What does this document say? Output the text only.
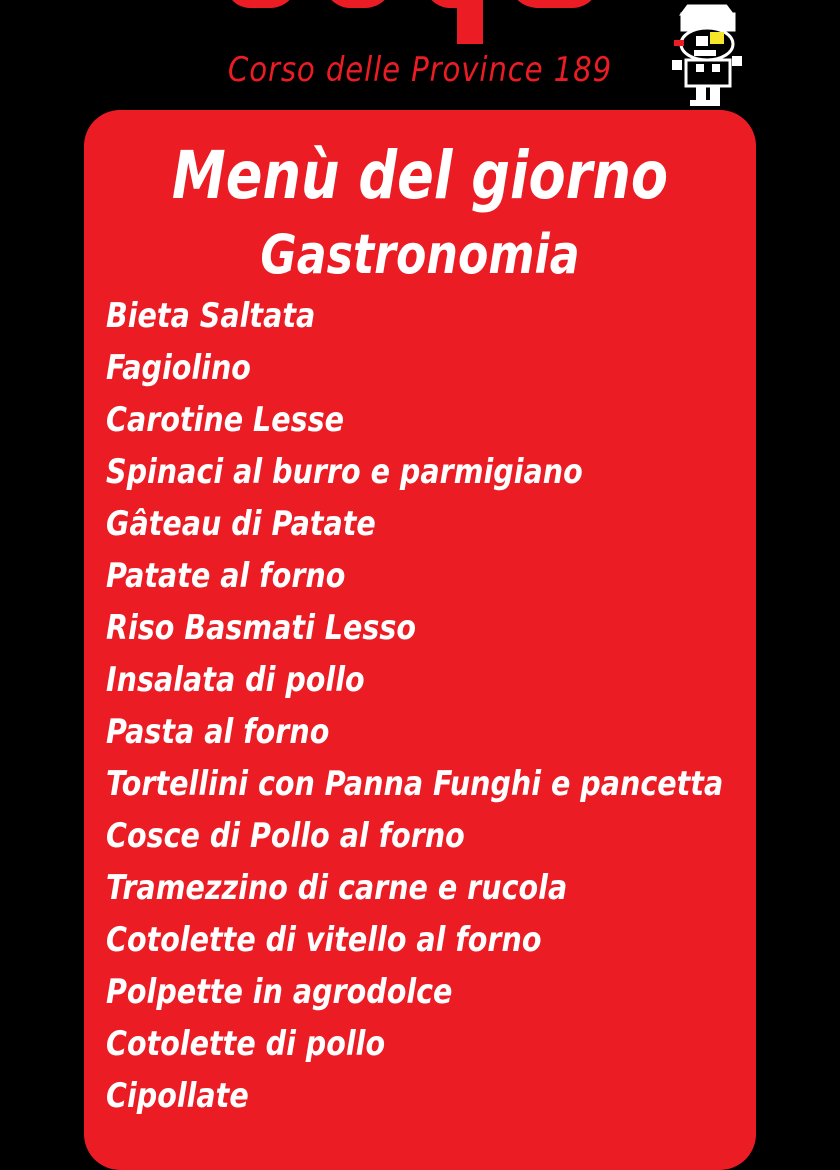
Corso delle Province 189
Menù del giorno
Gastronomia
Bieta Saltata
Fagiolino
Carotine Lesse
Spinaci al burro e parmigiano
Gâteau di Patate
Patate al forno
Riso Basmati Lesso
Insalata di pollo
Pasta al forno
Tortellini con Panna Funghi e pancetta
Cosce di Pollo al forno
Tramezzino di carne e rucola
Cotolette di vitello al forno
Polpette in agrodolce
Cotolette di pollo
Cipollate
